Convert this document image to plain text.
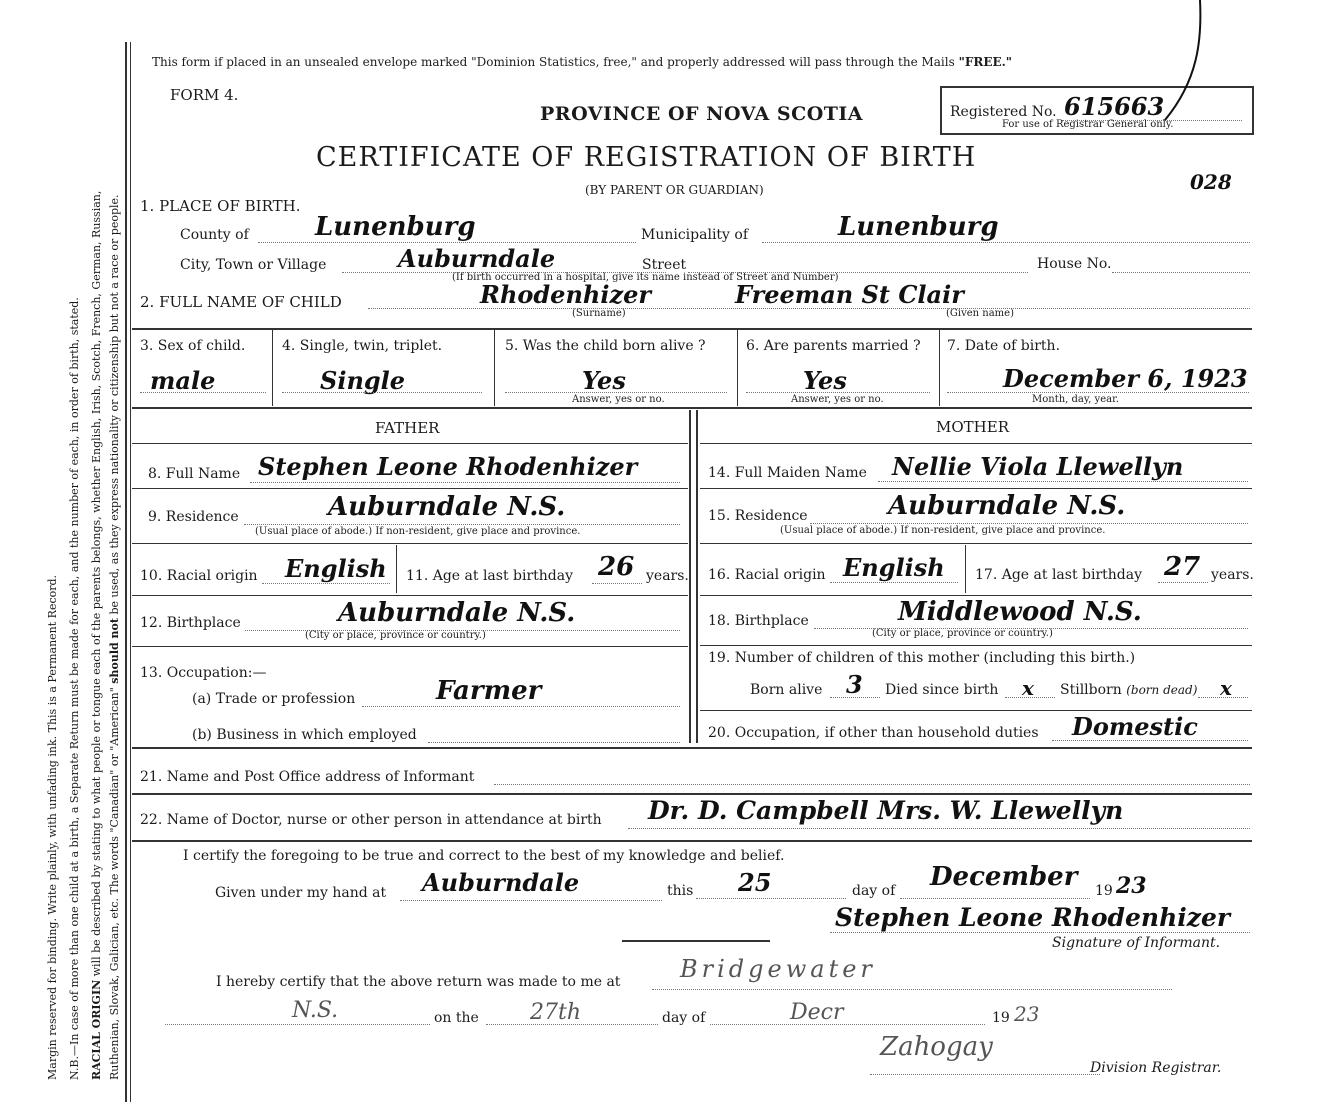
Margin reserved for binding. Write plainly, with unfading ink. This is a Permanent Record. N.B.—In case of more than one child at a birth, a Separate Return must be made for each, and the number of each, in order of birth, stated. RACIAL ORIGIN will be described by stating to what people or tongue each of the parents belongs, whether English, Irish, Scotch, French, German, Russian, Ruthenian, Slovak, Galician, etc. The words "Canadian" or "American" should not be used, as they express nationality or citizenship but not a race or people.
This form if placed in an unsealed envelope marked "Dominion Statistics, free," and properly addressed will pass through the Mails "FREE."
FORM 4.
PROVINCE OF NOVA SCOTIA	Registered No. 615663
For use of Registrar General only.
CERTIFICATE OF REGISTRATION OF BIRTH
(BY PARENT OR GUARDIAN)	028
1. PLACE OF BIRTH.
County of	Lunenburg	Municipality of	Lunenburg
City, Town or Village	Auburndale	Street	House No.
(If birth occurred in a hospital, give its name instead of Street and Number)
2. FULL NAME OF CHILD	Rhodenhizer	Freeman St Clair
(Surname)	(Given name)
3. Sex of child.
male
4. Single, twin, triplet.
Single
5. Was the child born alive ?
Yes
Answer, yes or no.
6. Are parents married ?
Yes
Answer, yes or no.
7. Date of birth.
December 6, 1923
Month, day, year.
FATHER	MOTHER
8. Full Name Stephen Leone Rhodenhizer
9. Residence	Auburndale N.S.
(Usual place of abode.) If non-resident, give place and province.
10. Racial origin English 11. Age at last birthday 26 years.
12. Birthplace	Auburndale N.S.
(City or place, province or country.)
13. Occupation:—
(a) Trade or profession	Farmer
(b) Business in which employed
14. Full Maiden Name Nellie Viola Llewellyn
15. Residence	Auburndale N.S.
(Usual place of abode.) If non-resident, give place and province.
16. Racial origin English 17. Age at last birthday 27 years.
18. Birthplace	Middlewood N.S.
(City or place, province or country.)
19. Number of children of this mother (including this birth.)
Born alive 3 Died since birth x Stillborn (born dead) x
20. Occupation, if other than household duties Domestic
21. Name and Post Office address of Informant
22. Name of Doctor, nurse or other person in attendance at birth Dr. D. Campbell Mrs. W. Llewellyn
I certify the foregoing to be true and correct to the best of my knowledge and belief.
Given under my hand at Auburndale	this 25	day of December 19 23
Stephen Leone Rhodenhizer
Signature of Informant.
I hereby certify that the above return was made to me at Bridgewater
N.S.	on the 27th	day of	Decr	19 23
Zahogay
Division Registrar.
